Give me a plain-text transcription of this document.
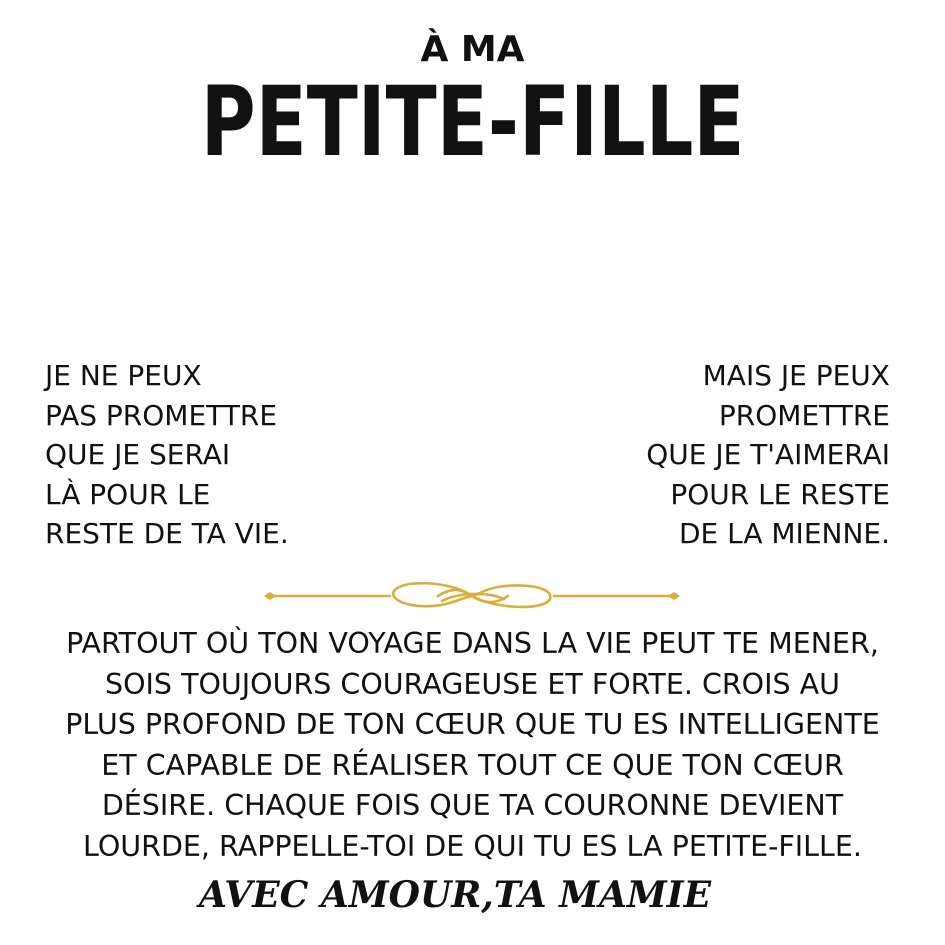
À MA
PETITE-FILLE
JE NE PEUX
PAS PROMETTRE
QUE JE SERAI
LÀ POUR LE
RESTE DE TA VIE.
MAIS JE PEUX
PROMETTRE
QUE JE T'AIMERAI
POUR LE RESTE
DE LA MIENNE.
PARTOUT OÙ TON VOYAGE DANS LA VIE PEUT TE MENER,
SOIS TOUJOURS COURAGEUSE ET FORTE. CROIS AU
PLUS PROFOND DE TON CŒUR QUE TU ES INTELLIGENTE
ET CAPABLE DE RÉALISER TOUT CE QUE TON CŒUR
DÉSIRE. CHAQUE FOIS QUE TA COURONNE DEVIENT
LOURDE, RAPPELLE-TOI DE QUI TU ES LA PETITE-FILLE.
AVEC AMOUR,TA MAMIE
